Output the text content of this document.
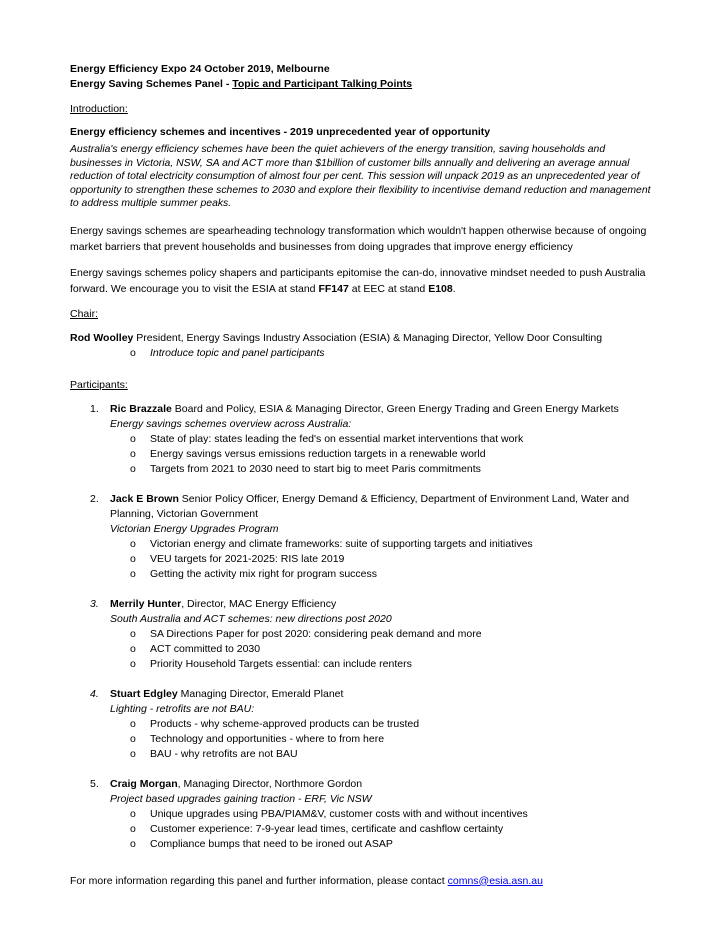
Energy Efficiency Expo 24 October 2019, Melbourne
Energy Saving Schemes Panel - Topic and Participant Talking Points
Introduction:
Energy efficiency schemes and incentives - 2019 unprecedented year of opportunity
Australia's energy efficiency schemes have been the quiet achievers of the energy transition, saving households and businesses in Victoria, NSW, SA and ACT more than $1billion of customer bills annually and delivering an average annual reduction of total electricity consumption of almost four per cent. This session will unpack 2019 as an unprecedented year of opportunity to strengthen these schemes to 2030 and explore their flexibility to incentivise demand reduction and management to address multiple summer peaks.
Energy savings schemes are spearheading technology transformation which wouldn't happen otherwise because of ongoing market barriers that prevent households and businesses from doing upgrades that improve energy efficiency
Energy savings schemes policy shapers and participants epitomise the can-do, innovative mindset needed to push Australia forward. We encourage you to visit the ESIA at stand FF147 at EEC at stand E108.
Chair:
Rod Woolley President, Energy Savings Industry Association (ESIA) & Managing Director, Yellow Door Consulting
o	Introduce topic and panel participants
Participants:
1. Ric Brazzale Board and Policy, ESIA & Managing Director, Green Energy Trading and Green Energy Markets
Energy savings schemes overview across Australia:
o State of play: states leading the fed's on essential market interventions that work
o Energy savings versus emissions reduction targets in a renewable world
o Targets from 2021 to 2030 need to start big to meet Paris commitments
2. Jack E Brown Senior Policy Officer, Energy Demand & Efficiency, Department of Environment Land, Water and Planning, Victorian Government
Victorian Energy Upgrades Program
o Victorian energy and climate frameworks: suite of supporting targets and initiatives
o VEU targets for 2021-2025: RIS late 2019
o Getting the activity mix right for program success
3. Merrily Hunter, Director, MAC Energy Efficiency
South Australia and ACT schemes: new directions post 2020
o SA Directions Paper for post 2020: considering peak demand and more
o ACT committed to 2030
o Priority Household Targets essential: can include renters
4. Stuart Edgley Managing Director, Emerald Planet
Lighting - retrofits are not BAU:
o Products - why scheme-approved products can be trusted
o Technology and opportunities - where to from here
o BAU - why retrofits are not BAU
5. Craig Morgan, Managing Director, Northmore Gordon
Project based upgrades gaining traction - ERF, Vic NSW
o Unique upgrades using PBA/PIAM&V, customer costs with and without incentives
o Customer experience: 7-9-year lead times, certificate and cashflow certainty
o Compliance bumps that need to be ironed out ASAP
For more information regarding this panel and further information, please contact comns@esia.asn.au
